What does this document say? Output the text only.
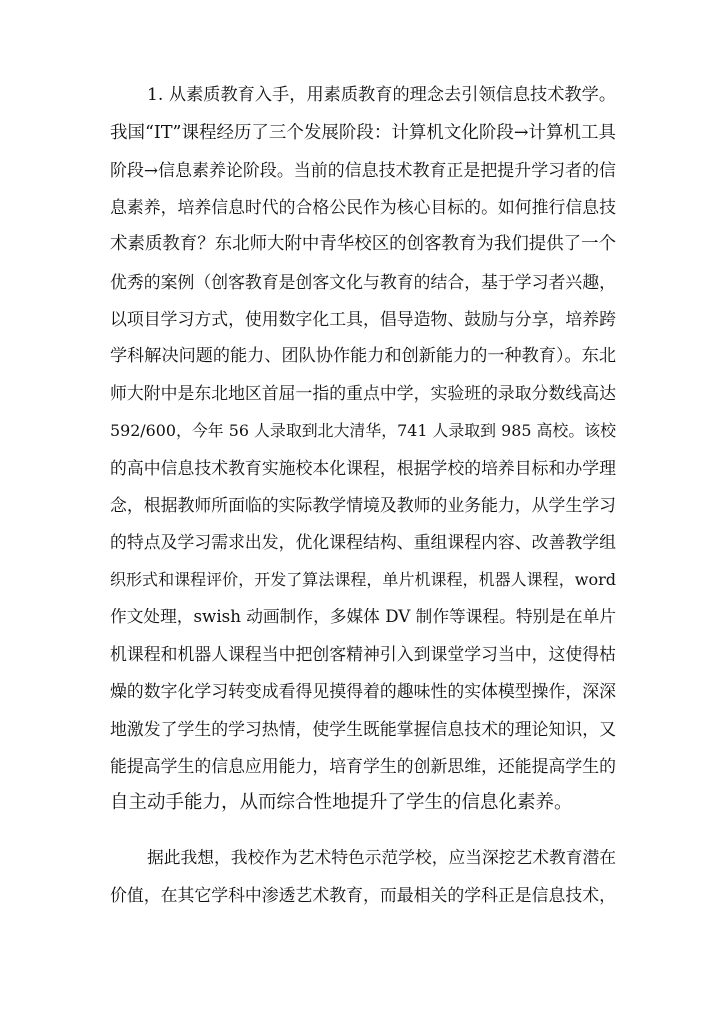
1. 从素质教育入手，用素质教育的理念去引领信息技术教学。
我国“IT”课程经历了三个发展阶段：计算机文化阶段→计算机工具
阶段→信息素养论阶段。当前的信息技术教育正是把提升学习者的信
息素养，培养信息时代的合格公民作为核心目标的。如何推行信息技
术素质教育？东北师大附中青华校区的创客教育为我们提供了一个
优秀的案例（创客教育是创客文化与教育的结合，基于学习者兴趣，
以项目学习方式，使用数字化工具，倡导造物、鼓励与分享，培养跨
学科解决问题的能力、团队协作能力和创新能力的一种教育）。东北
师大附中是东北地区首屈一指的重点中学，实验班的录取分数线高达
592/600，今年 56 人录取到北大清华，741 人录取到 985 高校。该校
的高中信息技术教育实施校本化课程，根据学校的培养目标和办学理
念，根据教师所面临的实际教学情境及教师的业务能力，从学生学习
的特点及学习需求出发，优化课程结构、重组课程内容、改善教学组
织形式和课程评价，开发了算法课程，单片机课程，机器人课程，word
作文处理，swish 动画制作，多媒体 DV 制作等课程。特别是在单片
机课程和机器人课程当中把创客精神引入到课堂学习当中，这使得枯
燥的数字化学习转变成看得见摸得着的趣味性的实体模型操作，深深
地激发了学生的学习热情，使学生既能掌握信息技术的理论知识，又
能提高学生的信息应用能力，培育学生的创新思维，还能提高学生的
自主动手能力，从而综合性地提升了学生的信息化素养。
据此我想，我校作为艺术特色示范学校，应当深挖艺术教育潜在
价值，在其它学科中渗透艺术教育，而最相关的学科正是信息技术，
